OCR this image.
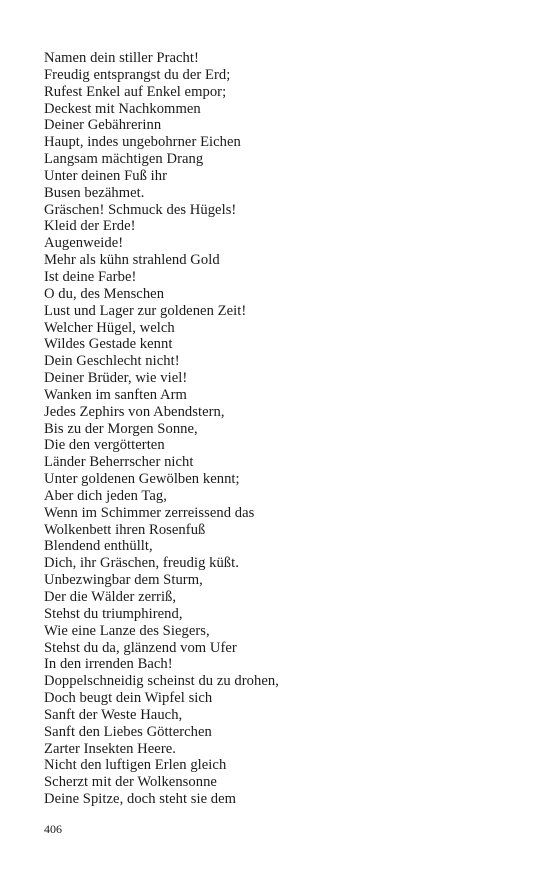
Namen dein stiller Pracht!
Freudig entsprangst du der Erd;
Rufest Enkel auf Enkel empor;
Deckest mit Nachkommen
Deiner Gebährerinn
Haupt, indes ungebohrner Eichen
Langsam mächtigen Drang
Unter deinen Fuß ihr
Busen bezähmet.
Gräschen! Schmuck des Hügels!
Kleid der Erde!
Augenweide!
Mehr als kühn strahlend Gold
Ist deine Farbe!
O du, des Menschen
Lust und Lager zur goldenen Zeit!
Welcher Hügel, welch
Wildes Gestade kennt
Dein Geschlecht nicht!
Deiner Brüder, wie viel!
Wanken im sanften Arm
Jedes Zephirs von Abendstern,
Bis zu der Morgen Sonne,
Die den vergötterten
Länder Beherrscher nicht
Unter goldenen Gewölben kennt;
Aber dich jeden Tag,
Wenn im Schimmer zerreissend das
Wolkenbett ihren Rosenfuß
Blendend enthüllt,
Dich, ihr Gräschen, freudig küßt.
Unbezwingbar dem Sturm,
Der die Wälder zerriß,
Stehst du triumphirend,
Wie eine Lanze des Siegers,
Stehst du da, glänzend vom Ufer
In den irrenden Bach!
Doppelschneidig scheinst du zu drohen,
Doch beugt dein Wipfel sich
Sanft der Weste Hauch,
Sanft den Liebes Götterchen
Zarter Insekten Heere.
Nicht den luftigen Erlen gleich
Scherzt mit der Wolkensonne
Deine Spitze, doch steht sie dem
406
